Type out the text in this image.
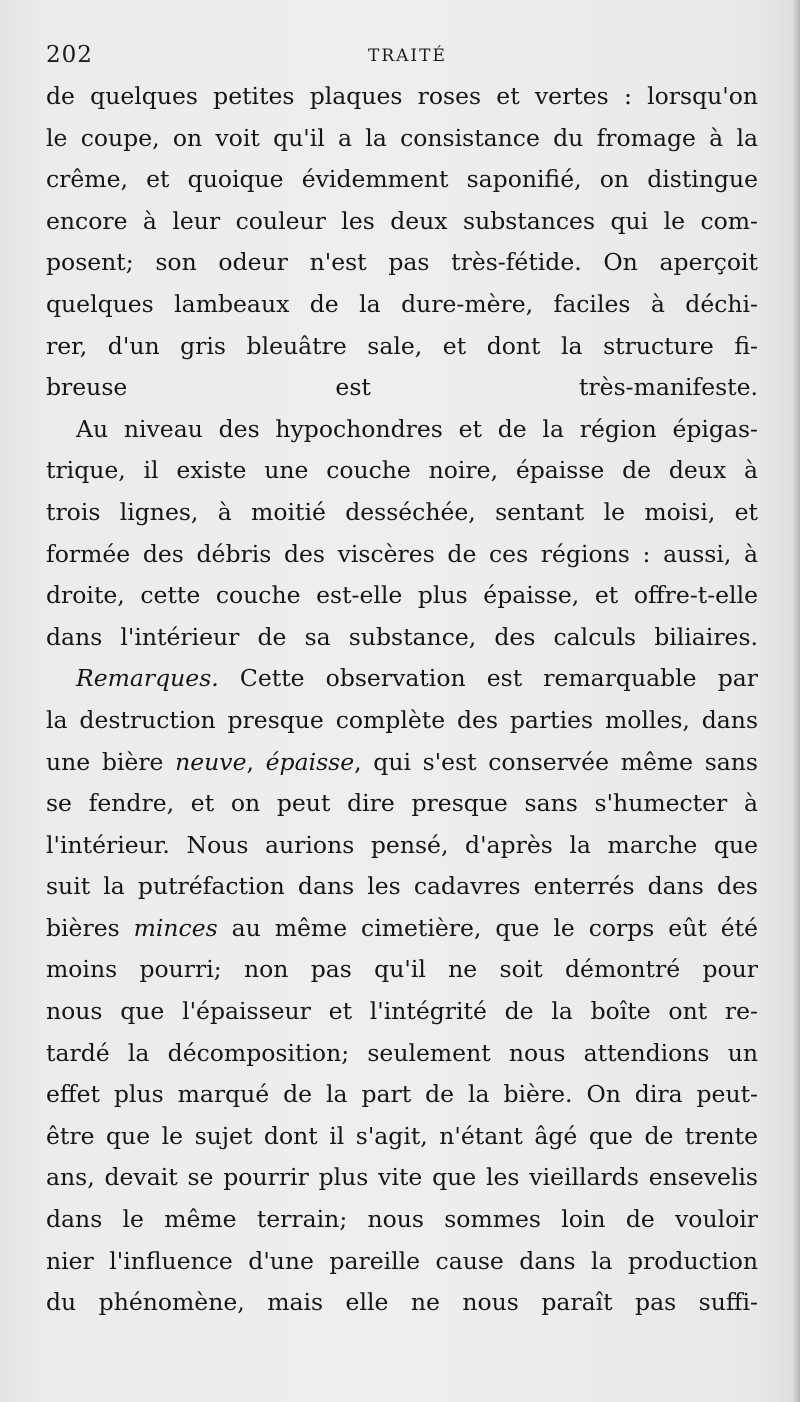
202	TRAITÉ

de quelques petites plaques roses et vertes : lorsqu'on
le coupe, on voit qu'il a la consistance du fromage à la
crême, et quoique évidemment saponifié, on distingue
encore à leur couleur les deux substances qui le com-
posent; son odeur n'est pas très-fétide. On aperçoit
quelques lambeaux de la dure-mère, faciles à déchi-
rer, d'un gris bleuâtre sale, et dont la structure fi-
breuse est très-manifeste.

Au niveau des hypochondres et de la région épigas-
trique, il existe une couche noire, épaisse de deux à
trois lignes, à moitié desséchée, sentant le moisi, et
formée des débris des viscères de ces régions : aussi, à
droite, cette couche est-elle plus épaisse, et offre-t-elle
dans l'intérieur de sa substance, des calculs biliaires.

Remarques. Cette observation est remarquable par
la destruction presque complète des parties molles, dans
une bière neuve, épaisse, qui s'est conservée même sans
se fendre, et on peut dire presque sans s'humecter à
l'intérieur. Nous aurions pensé, d'après la marche que
suit la putréfaction dans les cadavres enterrés dans des
bières minces au même cimetière, que le corps eût été
moins pourri; non pas qu'il ne soit démontré pour
nous que l'épaisseur et l'intégrité de la boîte ont re-
tardé la décomposition; seulement nous attendions un
effet plus marqué de la part de la bière. On dira peut-
être que le sujet dont il s'agit, n'étant âgé que de trente
ans, devait se pourrir plus vite que les vieillards ensevelis
dans le même terrain; nous sommes loin de vouloir
nier l'influence d'une pareille cause dans la production
du phénomène, mais elle ne nous paraît pas suffi-
